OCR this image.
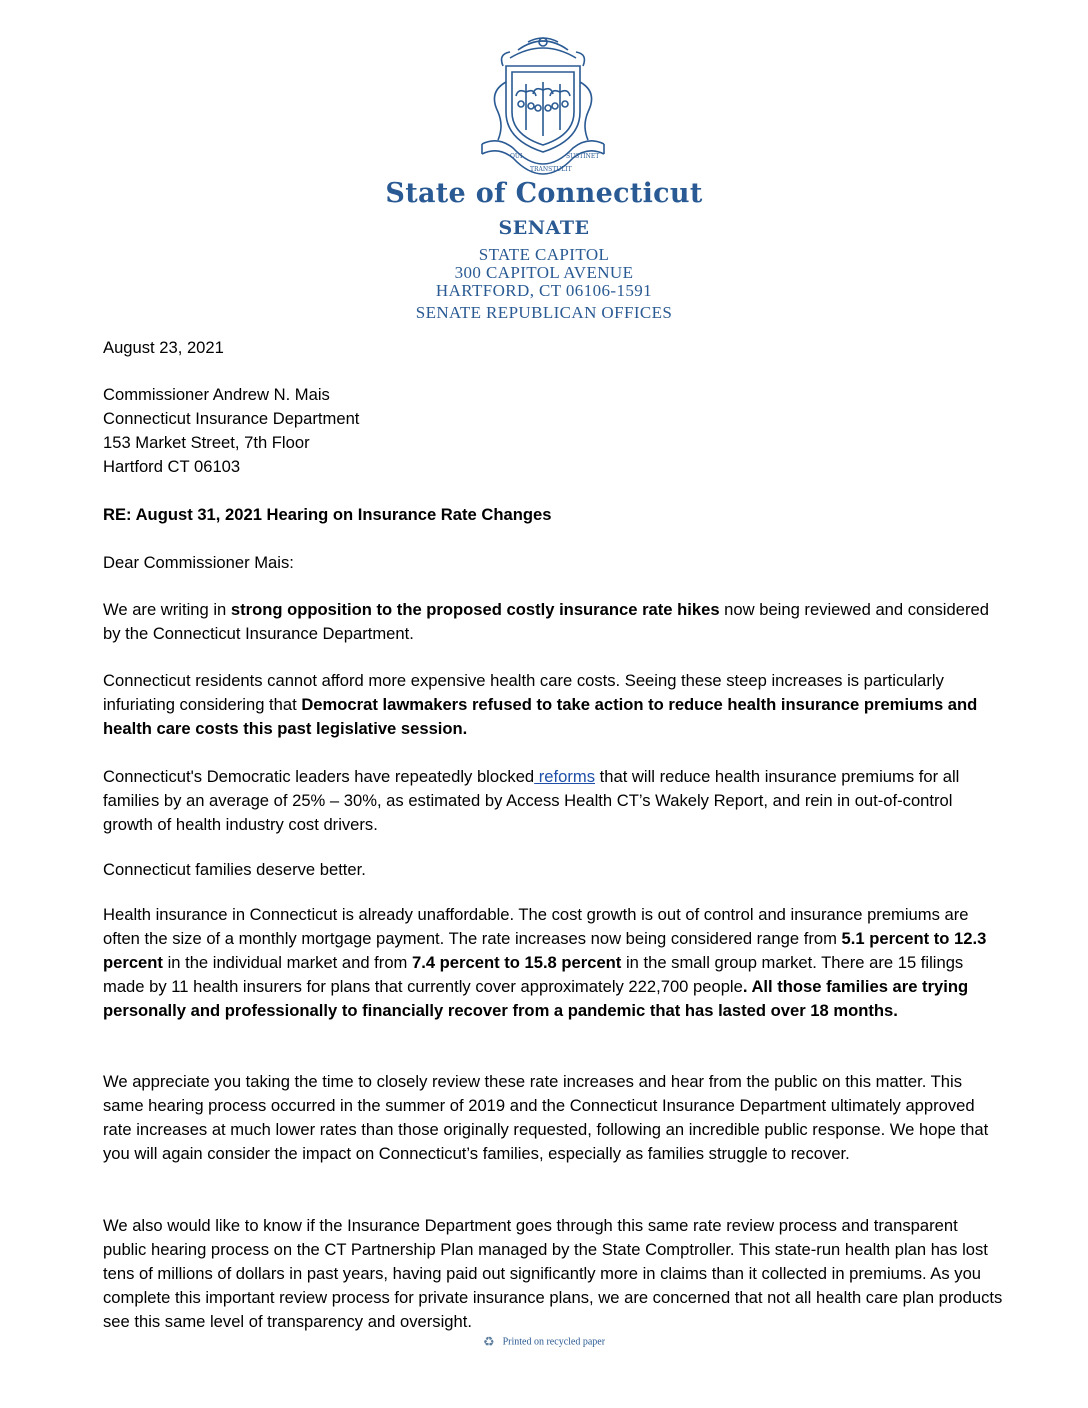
QUI
TRANSTULIT
SUSTINET
State of Connecticut
SENATE
STATE CAPITOL
300 CAPITOL AVENUE
HARTFORD, CT 06106-1591
SENATE REPUBLICAN OFFICES
August 23, 2021
Commissioner Andrew N. Mais
Connecticut Insurance Department
153 Market Street, 7th Floor
Hartford CT 06103
RE: August 31, 2021 Hearing on Insurance Rate Changes
Dear Commissioner Mais:
We are writing in strong opposition to the proposed costly insurance rate hikes now being reviewed and considered by the Connecticut Insurance Department.
Connecticut residents cannot afford more expensive health care costs. Seeing these steep increases is particularly infuriating considering that Democrat lawmakers refused to take action to reduce health insurance premiums and health care costs this past legislative session.
Connecticut's Democratic leaders have repeatedly blocked reforms that will reduce health insurance premiums for all families by an average of 25% – 30%, as estimated by Access Health CT’s Wakely Report, and rein in out-of-control growth of health industry cost drivers.
Connecticut families deserve better.
Health insurance in Connecticut is already unaffordable. The cost growth is out of control and insurance premiums are often the size of a monthly mortgage payment. The rate increases now being considered range from 5.1 percent to 12.3 percent in the individual market and from 7.4 percent to 15.8 percent in the small group market. There are 15 filings made by 11 health insurers for plans that currently cover approximately 222,700 people. All those families are trying personally and professionally to financially recover from a pandemic that has lasted over 18 months.
We appreciate you taking the time to closely review these rate increases and hear from the public on this matter. This same hearing process occurred in the summer of 2019 and the Connecticut Insurance Department ultimately approved rate increases at much lower rates than those originally requested, following an incredible public response. We hope that you will again consider the impact on Connecticut’s families, especially as families struggle to recover.
We also would like to know if the Insurance Department goes through this same rate review process and transparent public hearing process on the CT Partnership Plan managed by the State Comptroller. This state-run health plan has lost tens of millions of dollars in past years, having paid out significantly more in claims than it collected in premiums. As you complete this important review process for private insurance plans, we are concerned that not all health care plan products see this same level of transparency and oversight.
♻ Printed on recycled paper
